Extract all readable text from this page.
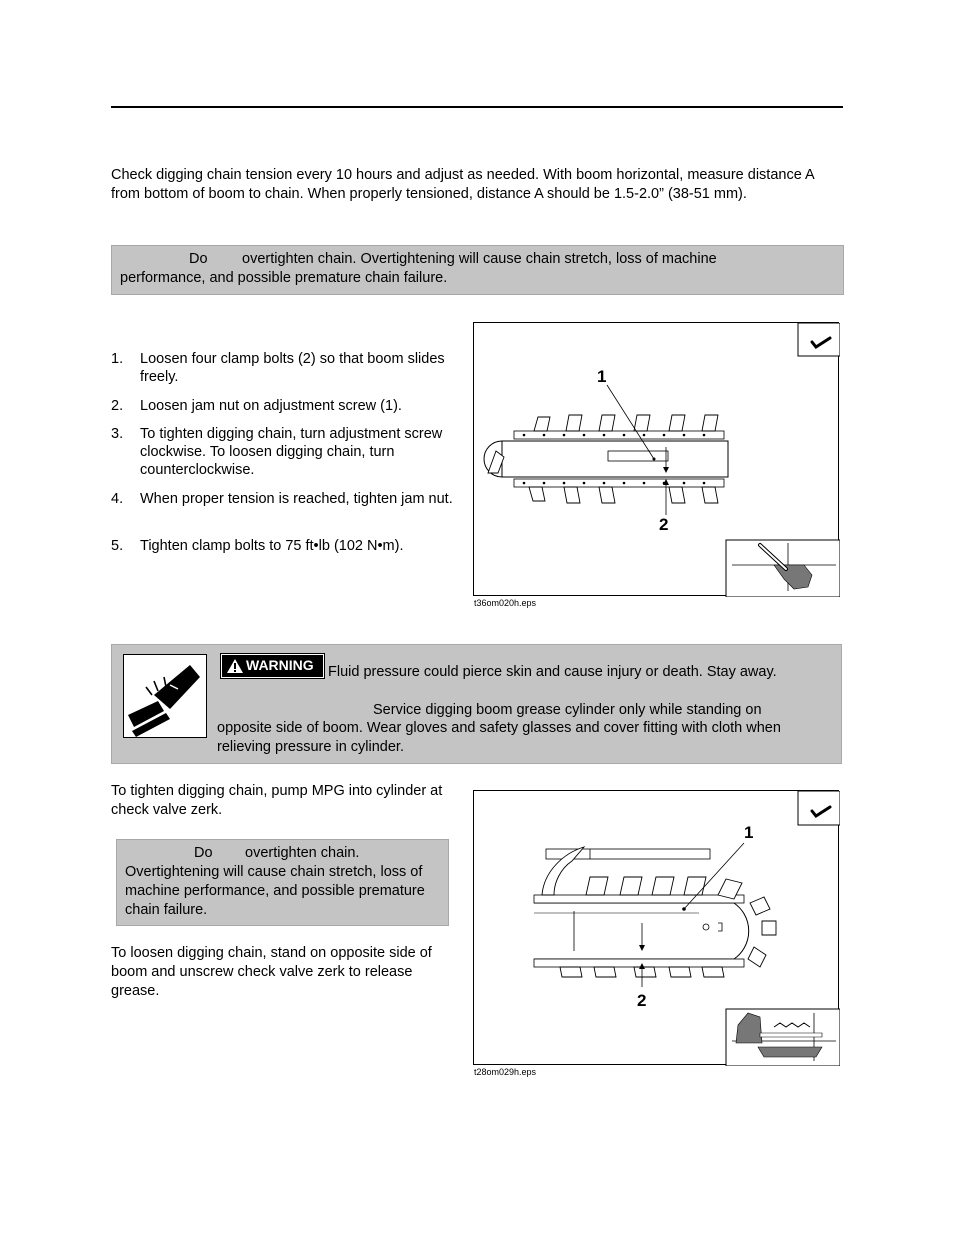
Check digging chain tension every 10 hours and adjust as needed. With boom horizontal, measure distance A from bottom of boom to chain. When properly tensioned, distance A should be 1.5-2.0” (38-51 mm).
Do overtighten chain. Overtightening will cause chain stretch, loss of machine
performance, and possible premature chain failure.
1. Loosen four clamp bolts (2) so that boom slides freely.
2. Loosen jam nut on adjustment screw (1).
3. To tighten digging chain, turn adjustment screw clockwise. To loosen digging chain, turn counterclockwise.
4. When proper tension is reached, tighten jam nut.
5. Tighten clamp bolts to 75 ft•lb (102 N•m).
1
2
t36om020h.eps
WARNING Fluid pressure could pierce skin and cause injury or death. Stay away.
Service digging boom grease cylinder only while standing on
opposite side of boom. Wear gloves and safety glasses and cover fitting with cloth when
relieving pressure in cylinder.
To tighten digging chain, pump MPG into cylinder at check valve zerk.
Do overtighten chain.
Overtightening will cause chain stretch, loss of machine performance, and possible premature chain failure.
To loosen digging chain, stand on opposite side of boom and unscrew check valve zerk to release grease.
1
2
t28om029h.eps
